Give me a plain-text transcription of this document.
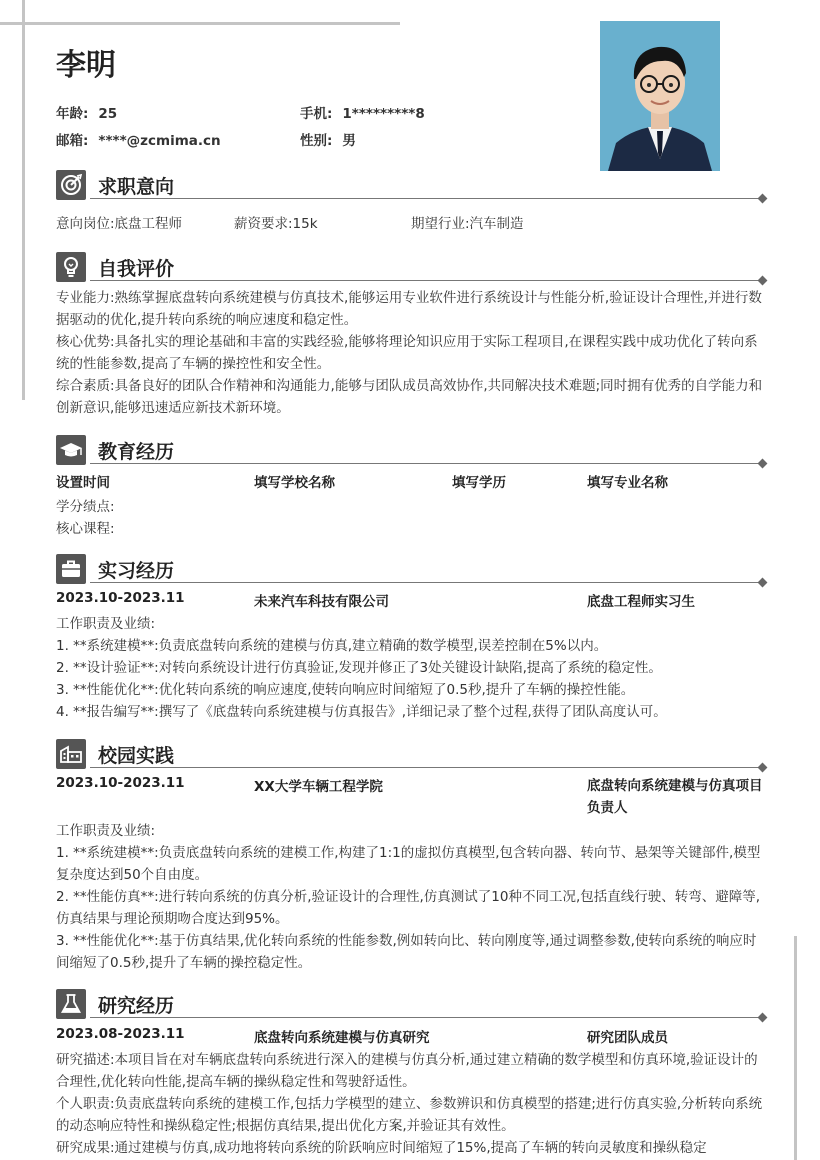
李明
年龄: 25	手机: 1*********8
邮箱: ****@zcmima.cn	性别: 男
求职意向
意向岗位:底盘工程师	薪资要求:15k	期望行业:汽车制造
自我评价

专业能力:熟练掌握底盘转向系统建模与仿真技术,能够运用专业软件进行系统设计与性能分析,验证设计合理性,并进行数据驱动的优化,提升转向系统的响应速度和稳定性。

核心优势:具备扎实的理论基础和丰富的实践经验,能够将理论知识应用于实际工程项目,在课程实践中成功优化了转向系统的性能参数,提高了车辆的操控性和安全性。

综合素质:具备良好的团队合作精神和沟通能力,能够与团队成员高效协作,共同解决技术难题;同时拥有优秀的自学能力和创新意识,能够迅速适应新技术新环境。

教育经历
设置时间	填写学校名称	填写学历	填写专业名称
学分绩点:
核心课程:
实习经历
2023.10-2023.11	未来汽车科技有限公司	底盘工程师实习生

工作职责及业绩:

1. **系统建模**:负责底盘转向系统的建模与仿真,建立精确的数学模型,误差控制在5%以内。

2. **设计验证**:对转向系统设计进行仿真验证,发现并修正了3处关键设计缺陷,提高了系统的稳定性。

3. **性能优化**:优化转向系统的响应速度,使转向响应时间缩短了0.5秒,提升了车辆的操控性能。

4. **报告编写**:撰写了《底盘转向系统建模与仿真报告》,详细记录了整个过程,获得了团队高度认可。

校园实践
2023.10-2023.11	XX大学车辆工程学院	底盘转向系统建模与仿真项目负责人

工作职责及业绩:

1. **系统建模**:负责底盘转向系统的建模工作,构建了1:1的虚拟仿真模型,包含转向器、转向节、悬架等关键部件,模型复杂度达到50个自由度。

2. **性能仿真**:进行转向系统的仿真分析,验证设计的合理性,仿真测试了10种不同工况,包括直线行驶、转弯、避障等,仿真结果与理论预期吻合度达到95%。

3. **性能优化**:基于仿真结果,优化转向系统的性能参数,例如转向比、转向刚度等,通过调整参数,使转向系统的响应时间缩短了0.5秒,提升了车辆的操控稳定性。

研究经历
2023.08-2023.11	底盘转向系统建模与仿真研究	研究团队成员

研究描述:本项目旨在对车辆底盘转向系统进行深入的建模与仿真分析,通过建立精确的数学模型和仿真环境,验证设计的合理性,优化转向性能,提高车辆的操纵稳定性和驾驶舒适性。

个人职责:负责底盘转向系统的建模工作,包括力学模型的建立、参数辨识和仿真模型的搭建;进行仿真实验,分析转向系统的动态响应特性和操纵稳定性;根据仿真结果,提出优化方案,并验证其有效性。

研究成果:通过建模与仿真,成功地将转向系统的阶跃响应时间缩短了15%,提高了车辆的转向灵敏度和操纵稳定
